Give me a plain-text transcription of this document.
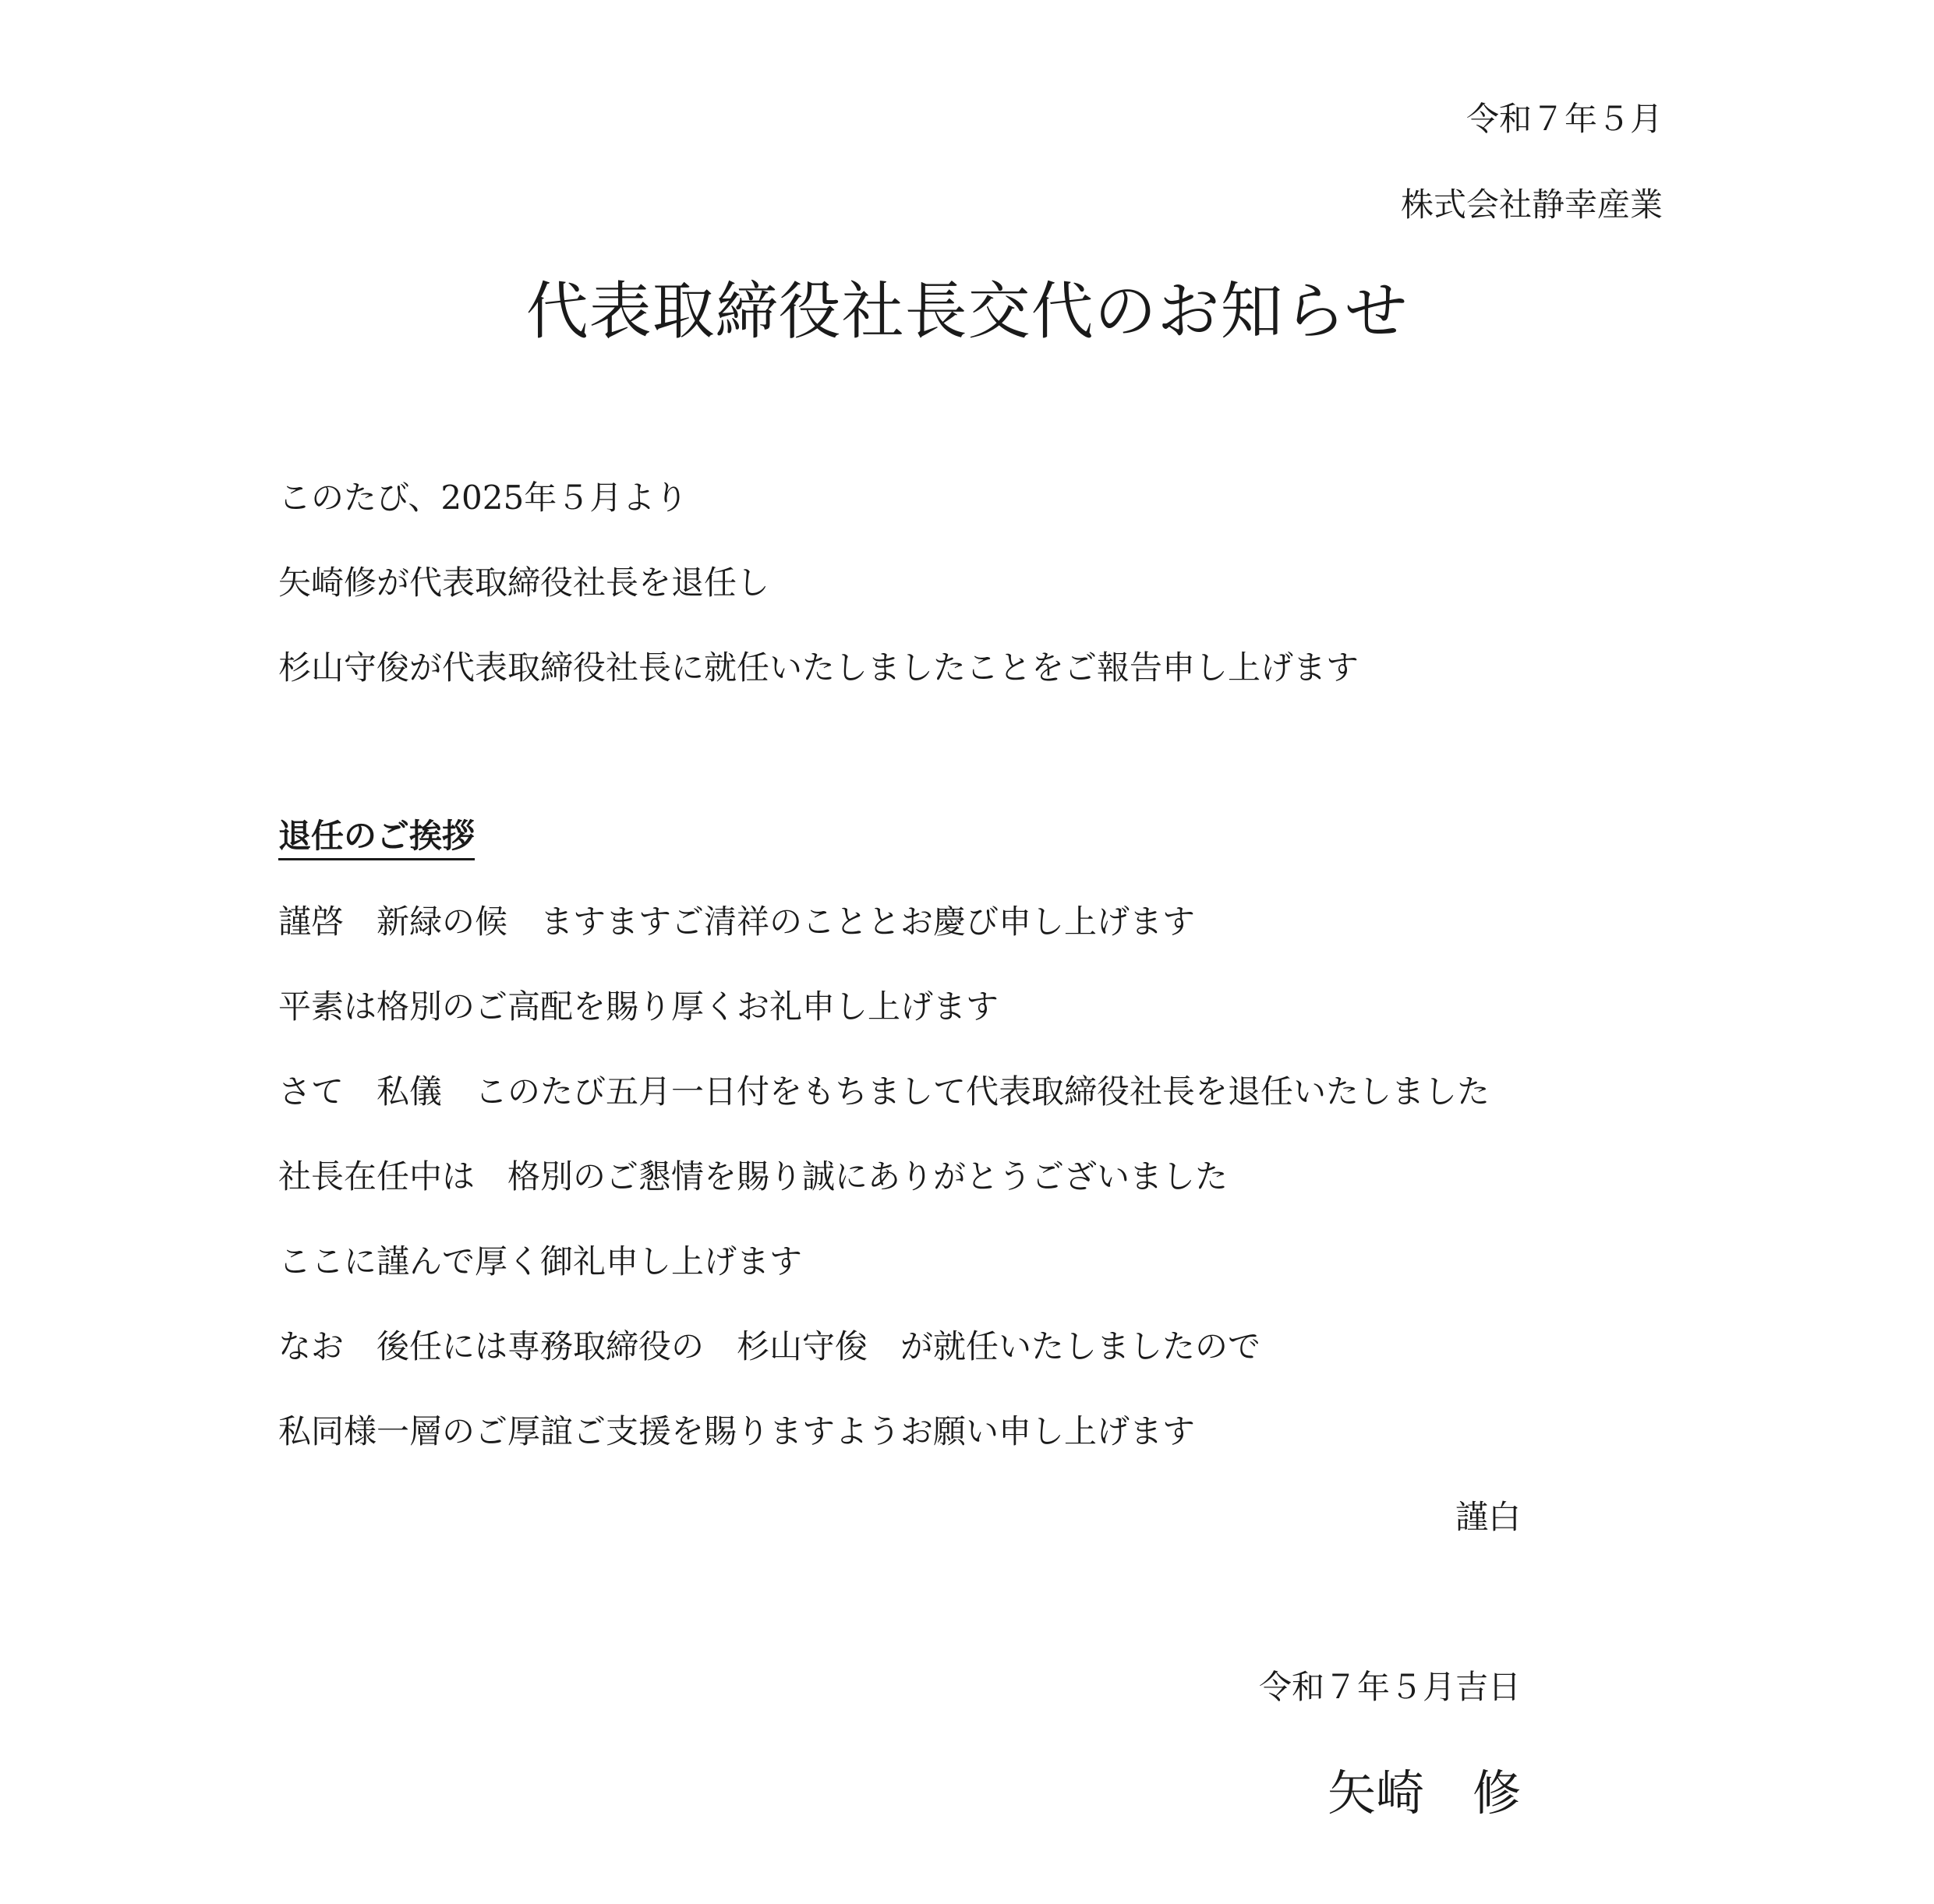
令和７年５月
株式会社静幸産業
代表取締役社長交代のお知らせ
このたび、2025年５月より
矢崎修が代表取締役社長を退任し
杉山守俊が代表取締役社長に就任いたしましたことをご報告申し上げます
退任のご挨拶
謹啓　新緑の候　ますますご清祥のこととお慶び申し上げます
平素は格別のご高配を賜り厚くお礼申し上げます
さて　私儀　このたび五月一日付をもちまして代表取締役社長を退任いたしました
社長在任中は　格別のご懇情を賜り誠にありがとうございました
ここに謹んで厚く御礼申し上げます
なお　後任には専務取締役の　杉山守俊　が就任いたしましたので
私同様一層のご厚誼ご支援を賜りますようお願い申し上げます
謹白
令和７年５月吉日
矢崎　修
